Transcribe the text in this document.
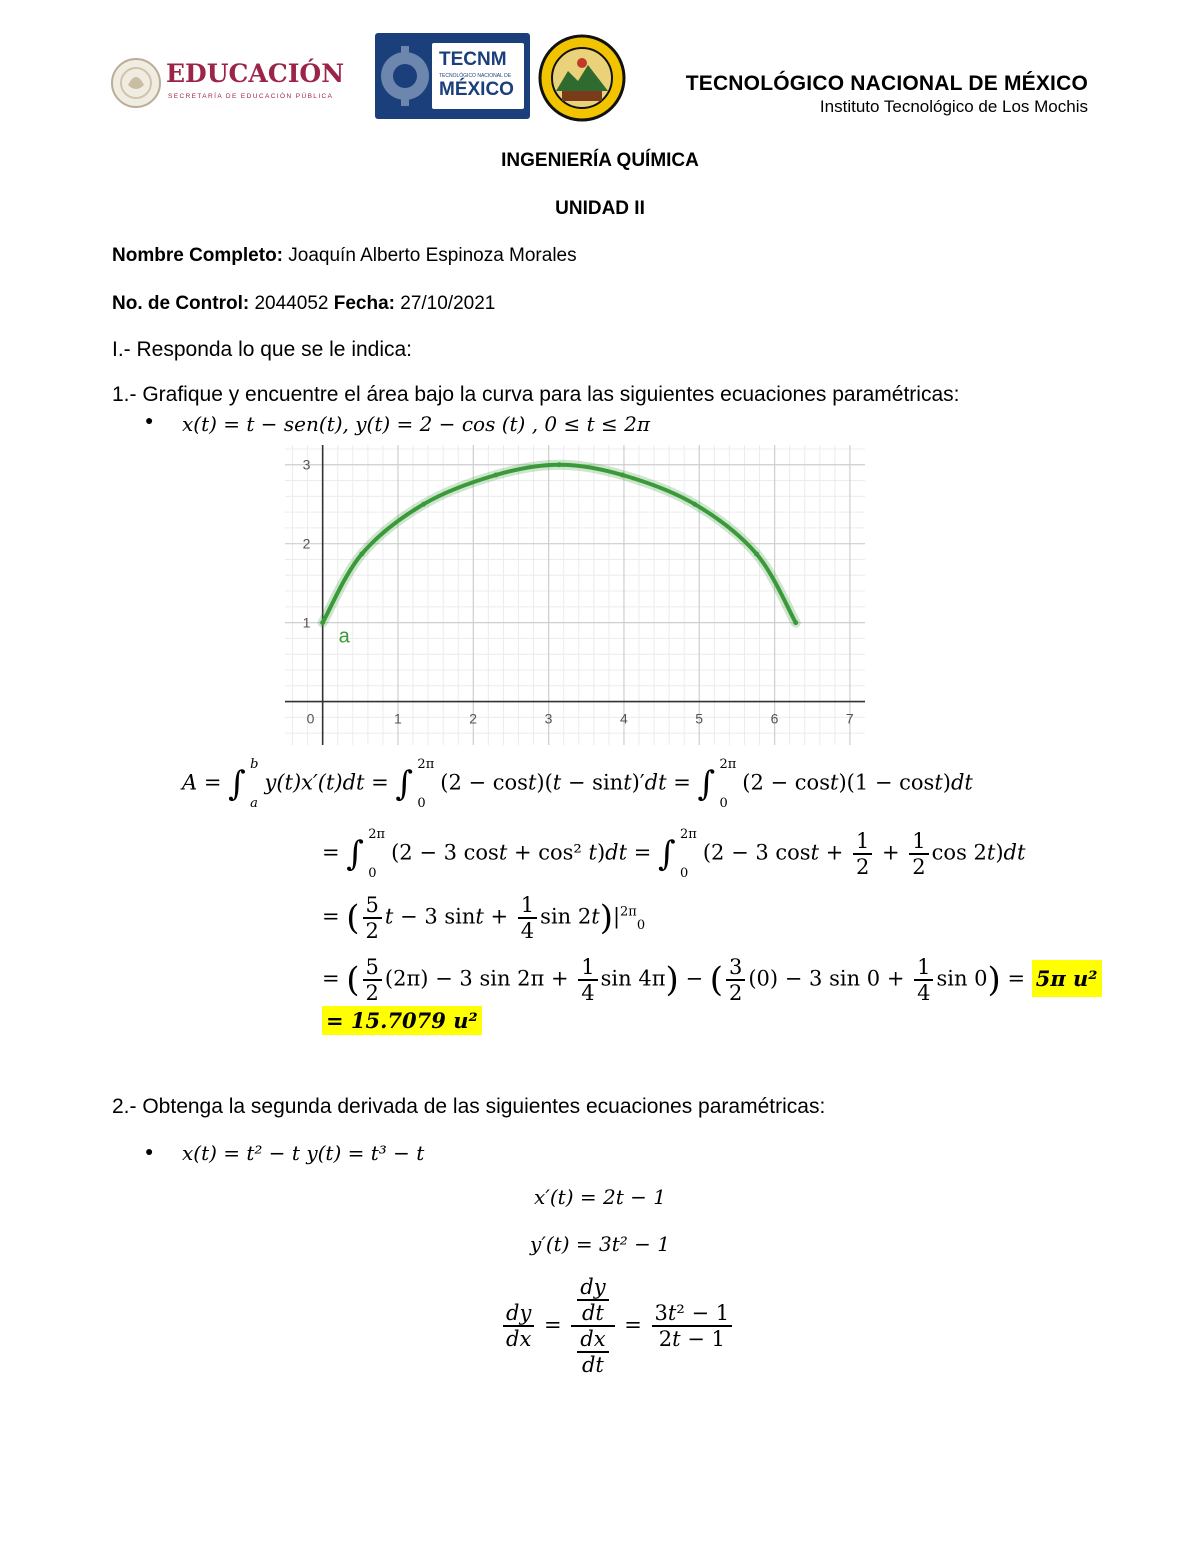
EDUCACIÓN
SECRETARÍA DE EDUCACIÓN PÚBLICA
TECNM
TECNOLÓGICO NACIONAL DE
MÉXICO	TECNOLÓGICO NACIONAL DE MÉXICO
Instituto Tecnológico de Los Mochis
INGENIERÍA QUÍMICA
UNIDAD II
Nombre Completo: Joaquín Alberto Espinoza Morales
No. de Control: 2044052 Fecha: 27/10/2021
I.- Responda lo que se le indica:
1.- Grafique y encuentre el área bajo la curva para las siguientes ecuaciones paramétricas:
● x(t) = t − sen(t), y(t) = 2 − cos (t) , 0 ≤ t ≤ 2π
0	1	2	3	4	5	6	7
1
2
3
a
A = ∫ b
a
y(t)x′(t)dt = ∫ 2π
0
(2 − cost)(t − sint)′dt = ∫ 2π
0
(2 − cost)(1 − cost)dt
= ∫ 2π
0
(2 − 3 cost + cos² t)dt = ∫ 2π
0
(2 − 3 $\cos t + \frac{1}{2} + \frac{1}{2}$ cos 2t)dt
= ( $\frac{5}{2}$ t − 3 $\sin t + \frac{1}{4}$ $\sin 2t)|^{2\pi}_0$
= ( $\frac{5}{2} (2\pi) - 3$ $\sin 2\pi + \frac{1}{4}$ sin 4π) − ( $\frac{3}{2} (0) - 3$ $\sin 0 + \frac{1}{4}$ sin 0) = 5π u²
= 15.7079 u²
2.- Obtenga la segunda derivada de las siguientes ecuaciones paramétricas:
● x(t) = t² − t y(t) = t³ − t
x′(t) = 2t − 1
y′(t) = 3t² − 1
$\frac{dy}{dx} = \frac{\frac{dy}{dt}}{\frac{dx}{dt}} = \frac{\text{3t² − 1}}{2t - 1}$
